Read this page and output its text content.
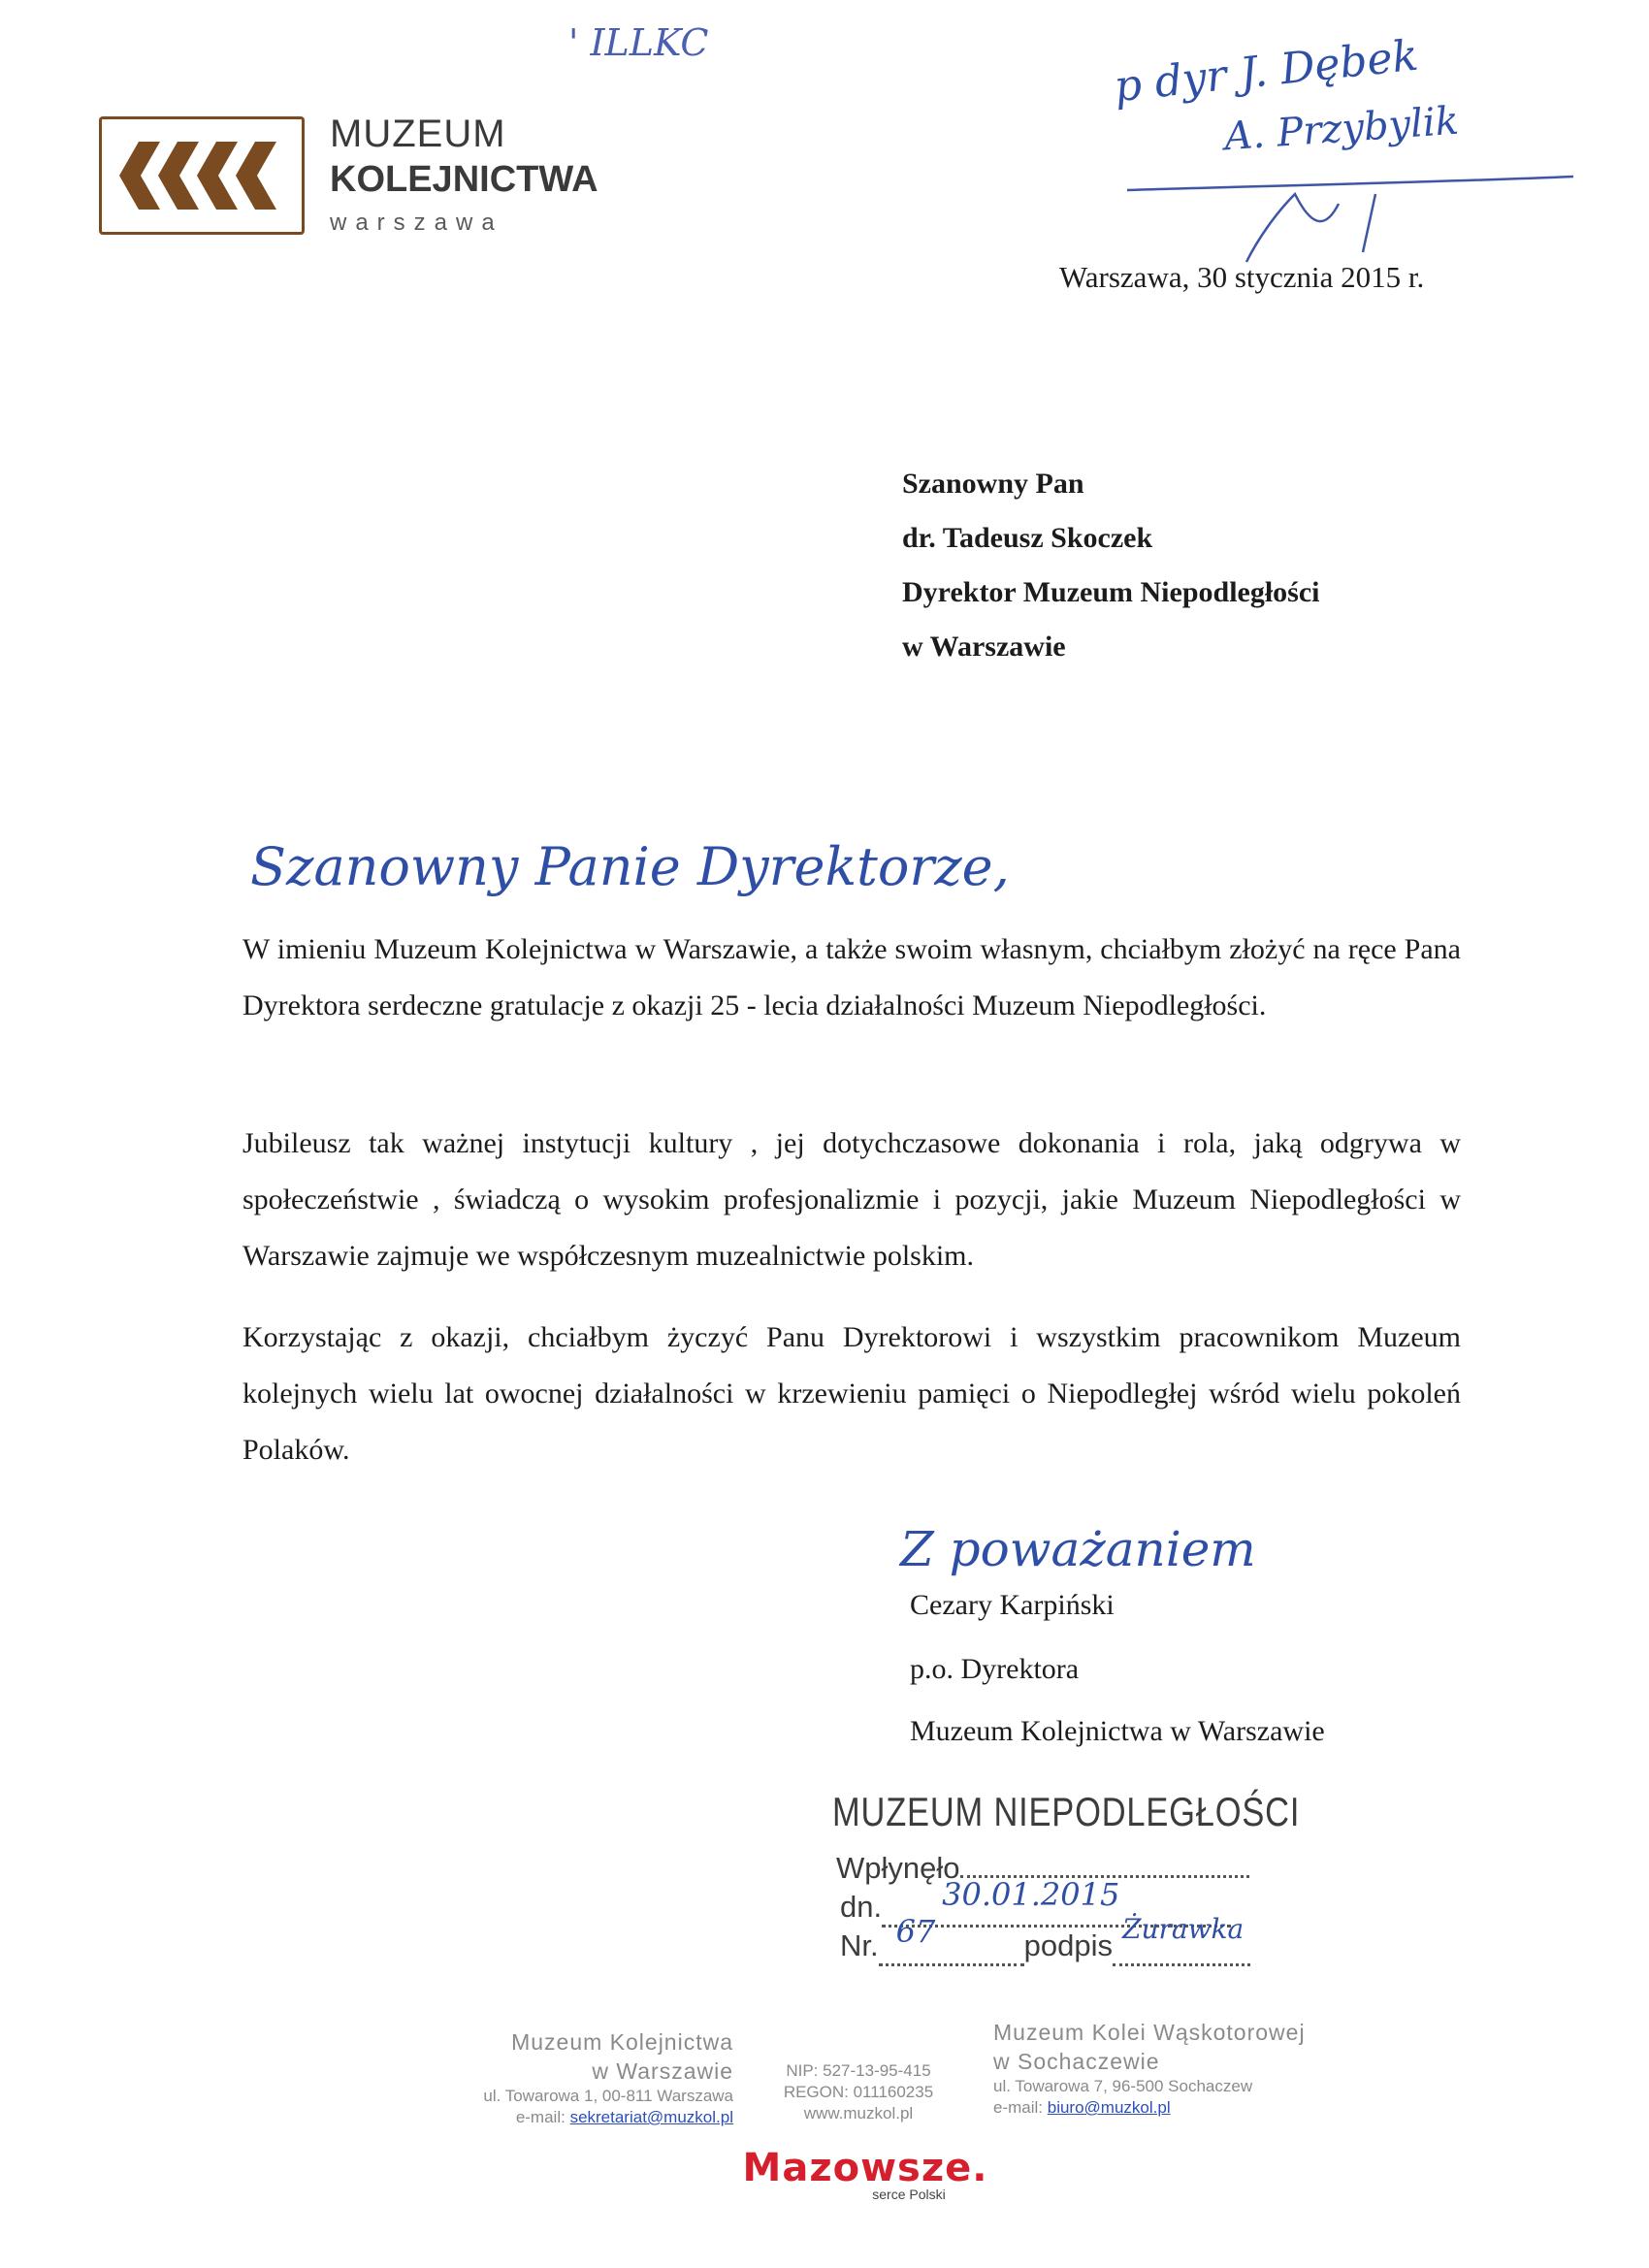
MUZEUM
KOLEJNICTWA
warszawa
' ILLKC	p dyr J. Dębek
A. Przybylik
Warszawa, 30 stycznia 2015 r.
Szanowny Pan
dr. Tadeusz Skoczek
Dyrektor Muzeum Niepodległości
w Warszawie
Szanowny Panie Dyrektorze,

W imieniu Muzeum Kolejnictwa w Warszawie, a także swoim własnym, chciałbym złożyć na ręce Pana Dyrektora serdeczne gratulacje z okazji 25 - lecia działalności Muzeum Niepodległości.

Jubileusz tak ważnej instytucji kultury , jej dotychczasowe dokonania i rola, jaką odgrywa w społeczeństwie , świadczą o wysokim profesjonalizmie i pozycji, jakie Muzeum Niepodległości w Warszawie zajmuje we współczesnym muzealnictwie polskim.

Korzystając z okazji, chciałbym życzyć Panu Dyrektorowi i wszystkim pracownikom Muzeum kolejnych wielu lat owocnej działalności w krzewieniu pamięci o Niepodległej wśród wielu pokoleń Polaków.

Z poważaniem
Cezary Karpiński
p.o. Dyrektora
Muzeum Kolejnictwa w Warszawie
MUZEUM NIEPODLEGŁOŚCI
Wpłynęło
dn. 30.01.2015

Nr. 67	podpis Żurawka

Muzeum Kolejnictwa
w Warszawie
ul. Towarowa 1, 00-811 Warszawa
e-mail: sekretariat@muzkol.pl
NIP: 527-13-95-415
REGON: 011160235
www.muzkol.pl
Muzeum Kolei Wąskotorowej
w Sochaczewie
ul. Towarowa 7, 96-500 Sochaczew
e-mail: biuro@muzkol.pl
Mazowsze.
serce Polski
